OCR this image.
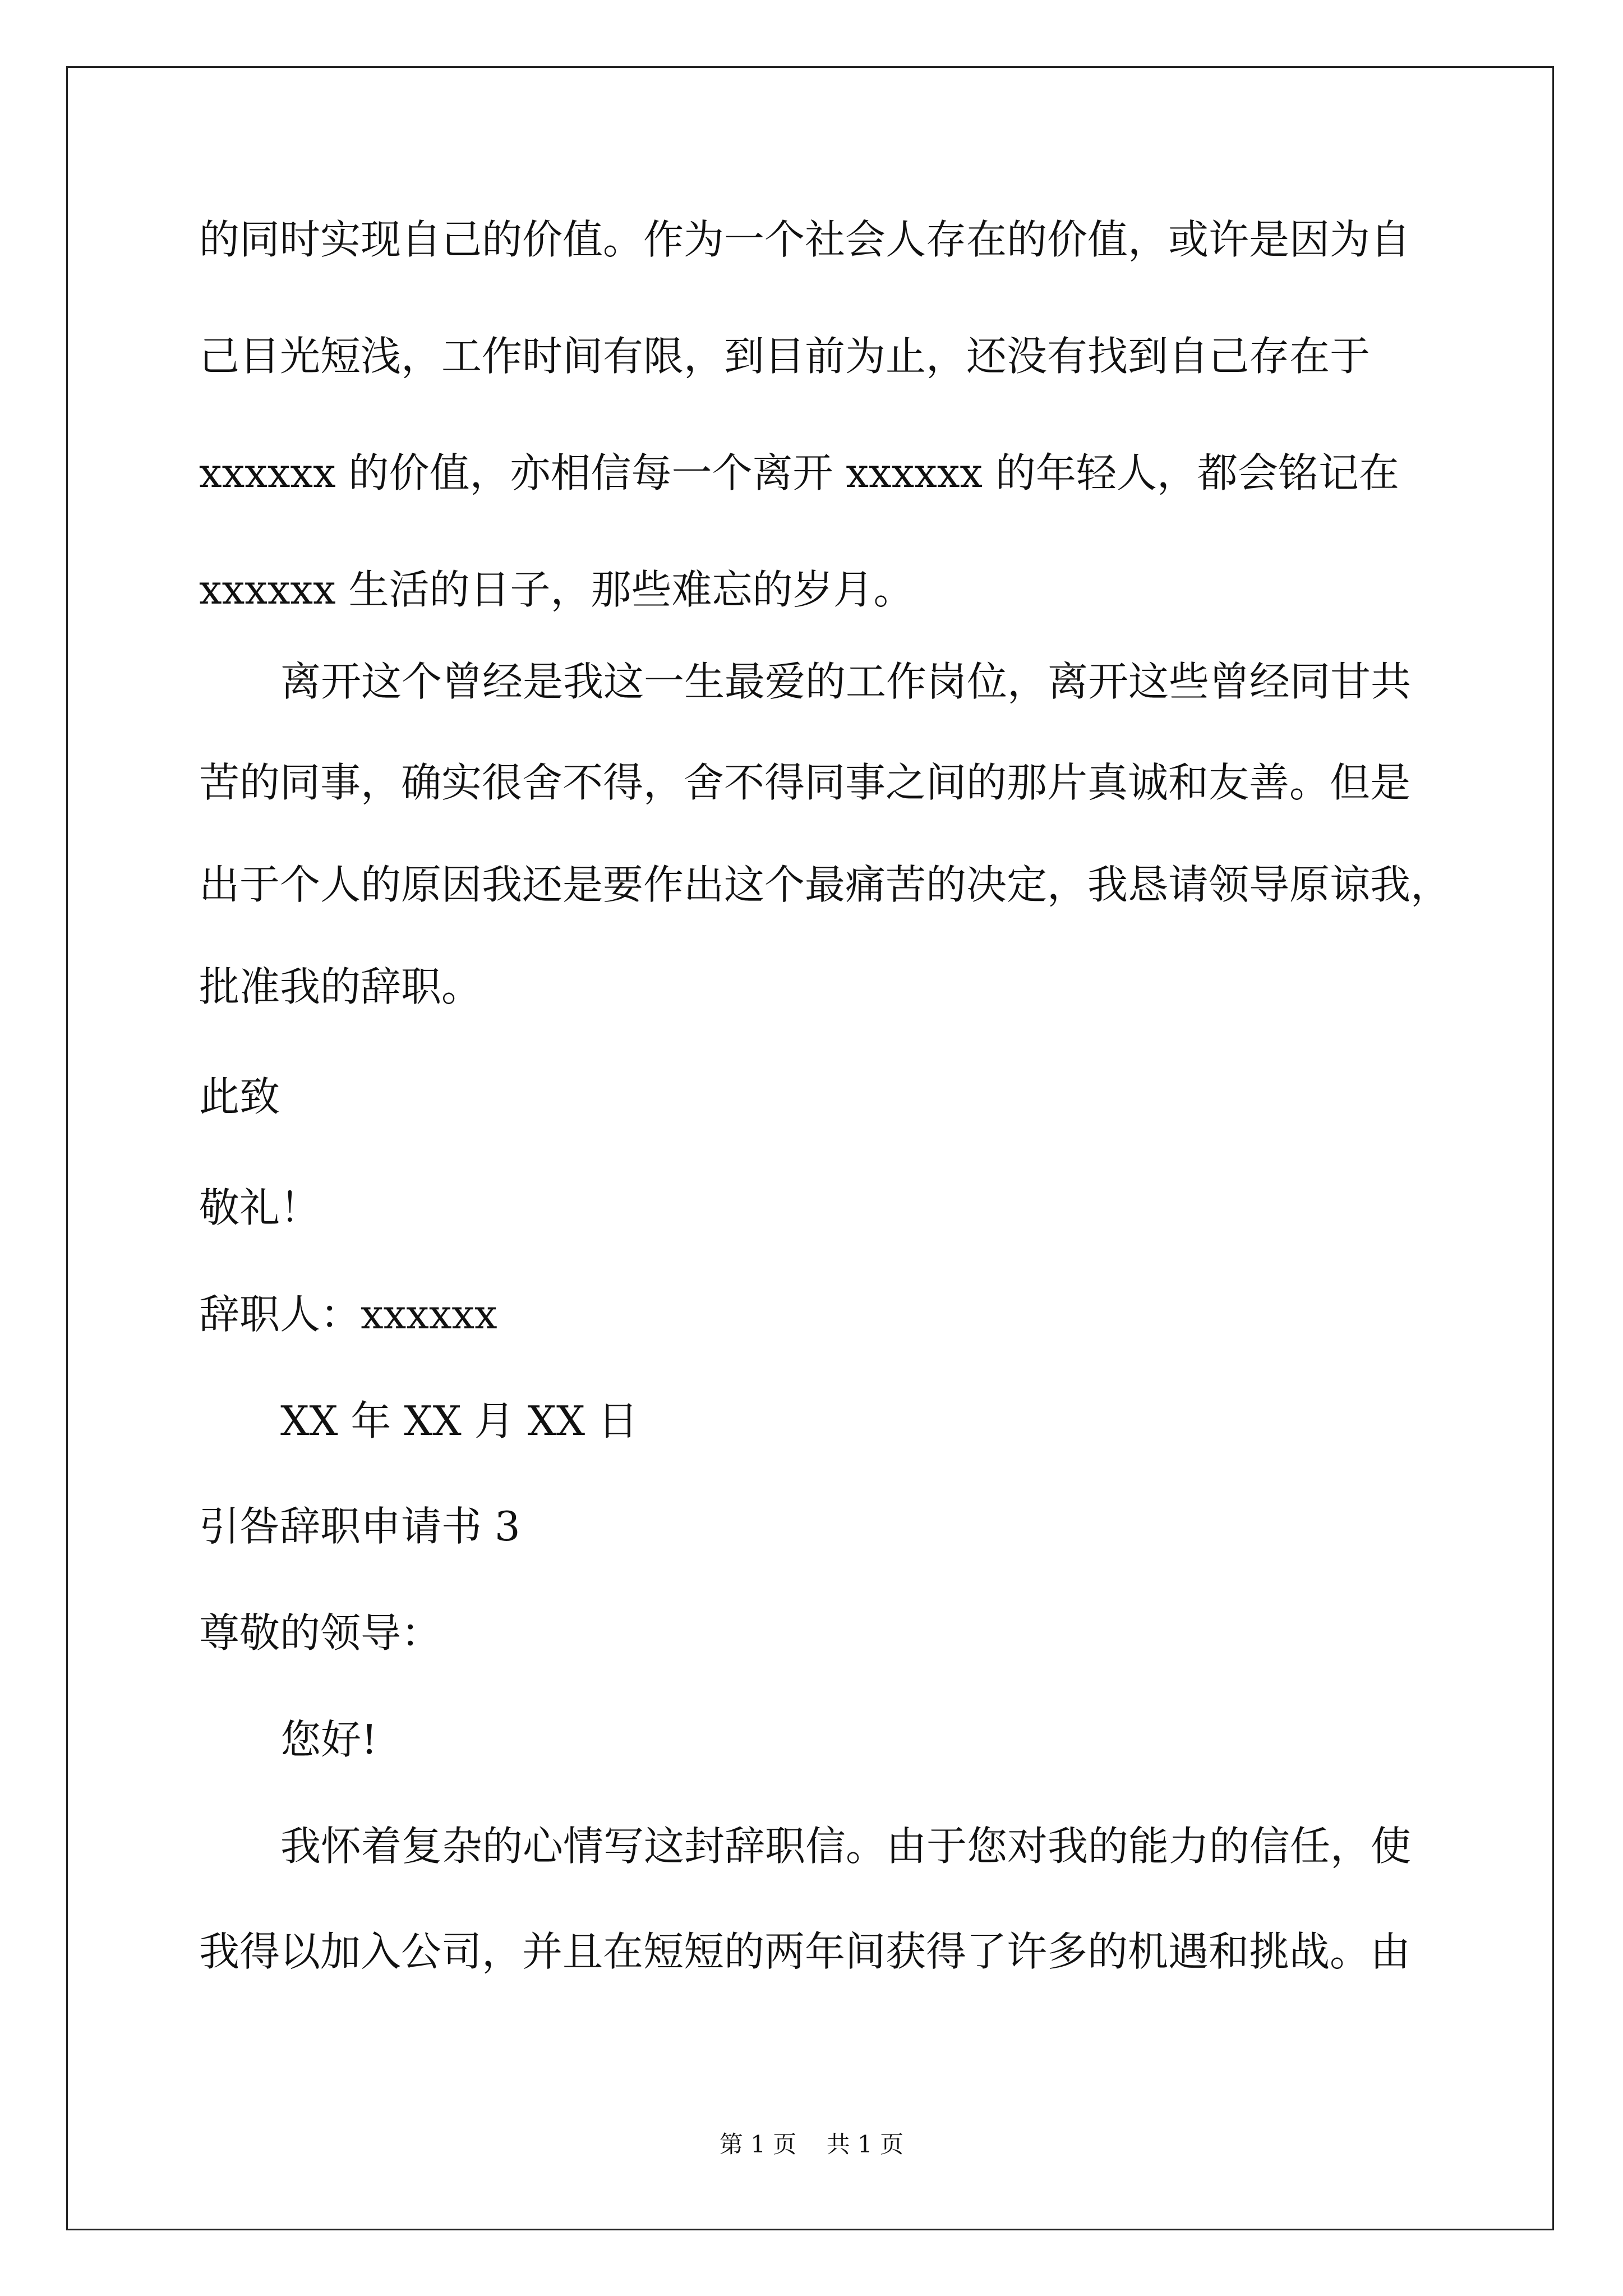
的同时实现自己的价值。作为一个社会人存在的价值，或许是因为自
己目光短浅，工作时间有限，到目前为止，还没有找到自己存在于
xxxxxx 的价值，亦相信每一个离开 xxxxxx 的年轻人，都会铭记在
xxxxxx 生活的日子，那些难忘的岁月。
离开这个曾经是我这一生最爱的工作岗位，离开这些曾经同甘共
苦的同事，确实很舍不得，舍不得同事之间的那片真诚和友善。但是
出于个人的原因我还是要作出这个最痛苦的决定，我恳请领导原谅我，
批准我的辞职。
此致
敬礼！
辞职人：xxxxxx
XX 年 XX 月 XX 日
引咎辞职申请书 3
尊敬的领导：
您好!
我怀着复杂的心情写这封辞职信。由于您对我的能力的信任，使
我得以加入公司，并且在短短的两年间获得了许多的机遇和挑战。由
第 1 页    共 1 页
